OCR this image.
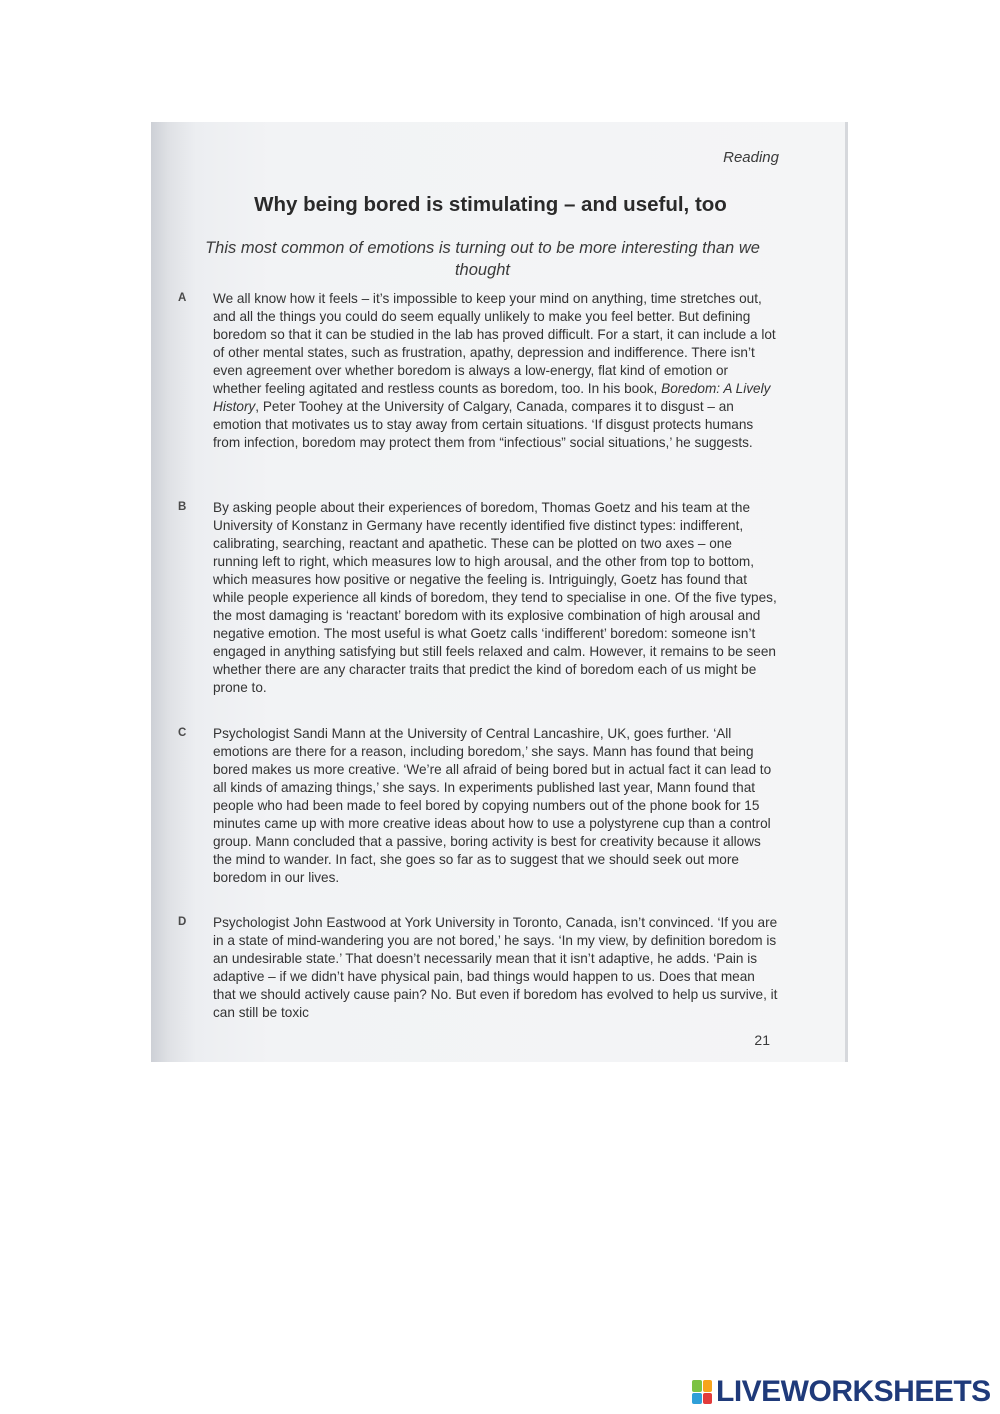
Reading
Why being bored is stimulating – and useful, too
This most common of emotions is turning out to be more interesting than we thought
A	We all know how it feels – it’s impossible to keep your mind on anything, time stretches out, and all the things you could do seem equally unlikely to make you feel better. But defining boredom so that it can be studied in the lab has proved difficult. For a start, it can include a lot of other mental states, such as frustration, apathy, depression and indifference. There isn’t even agreement over whether boredom is always a low-energy, flat kind of emotion or whether feeling agitated and restless counts as boredom, too. In his book, Boredom: A Lively History, Peter Toohey at the University of Calgary, Canada, compares it to disgust – an emotion that motivates us to stay away from certain situations. ‘If disgust protects humans from infection, boredom may protect them from “infectious” social situations,’ he suggests.
B	By asking people about their experiences of boredom, Thomas Goetz and his team at the University of Konstanz in Germany have recently identified five distinct types: indifferent, calibrating, searching, reactant and apathetic. These can be plotted on two axes – one running left to right, which measures low to high arousal, and the other from top to bottom, which measures how positive or negative the feeling is. Intriguingly, Goetz has found that while people experience all kinds of boredom, they tend to specialise in one. Of the five types, the most damaging is ‘reactant’ boredom with its explosive combination of high arousal and negative emotion. The most useful is what Goetz calls ‘indifferent’ boredom: someone isn’t engaged in anything satisfying but still feels relaxed and calm. However, it remains to be seen whether there are any character traits that predict the kind of boredom each of us might be prone to.
C	Psychologist Sandi Mann at the University of Central Lancashire, UK, goes further. ‘All emotions are there for a reason, including boredom,’ she says. Mann has found that being bored makes us more creative. ‘We’re all afraid of being bored but in actual fact it can lead to all kinds of amazing things,’ she says. In experiments published last year, Mann found that people who had been made to feel bored by copying numbers out of the phone book for 15 minutes came up with more creative ideas about how to use a polystyrene cup than a control group. Mann concluded that a passive, boring activity is best for creativity because it allows the mind to wander. In fact, she goes so far as to suggest that we should seek out more boredom in our lives.
D	Psychologist John Eastwood at York University in Toronto, Canada, isn’t convinced. ‘If you are in a state of mind-wandering you are not bored,’ he says. ‘In my view, by definition boredom is an undesirable state.’ That doesn’t necessarily mean that it isn’t adaptive, he adds. ‘Pain is adaptive – if we didn’t have physical pain, bad things would happen to us. Does that mean that we should actively cause pain? No. But even if boredom has evolved to help us survive, it can still be toxic
21
LIVEWORKSHEETS
